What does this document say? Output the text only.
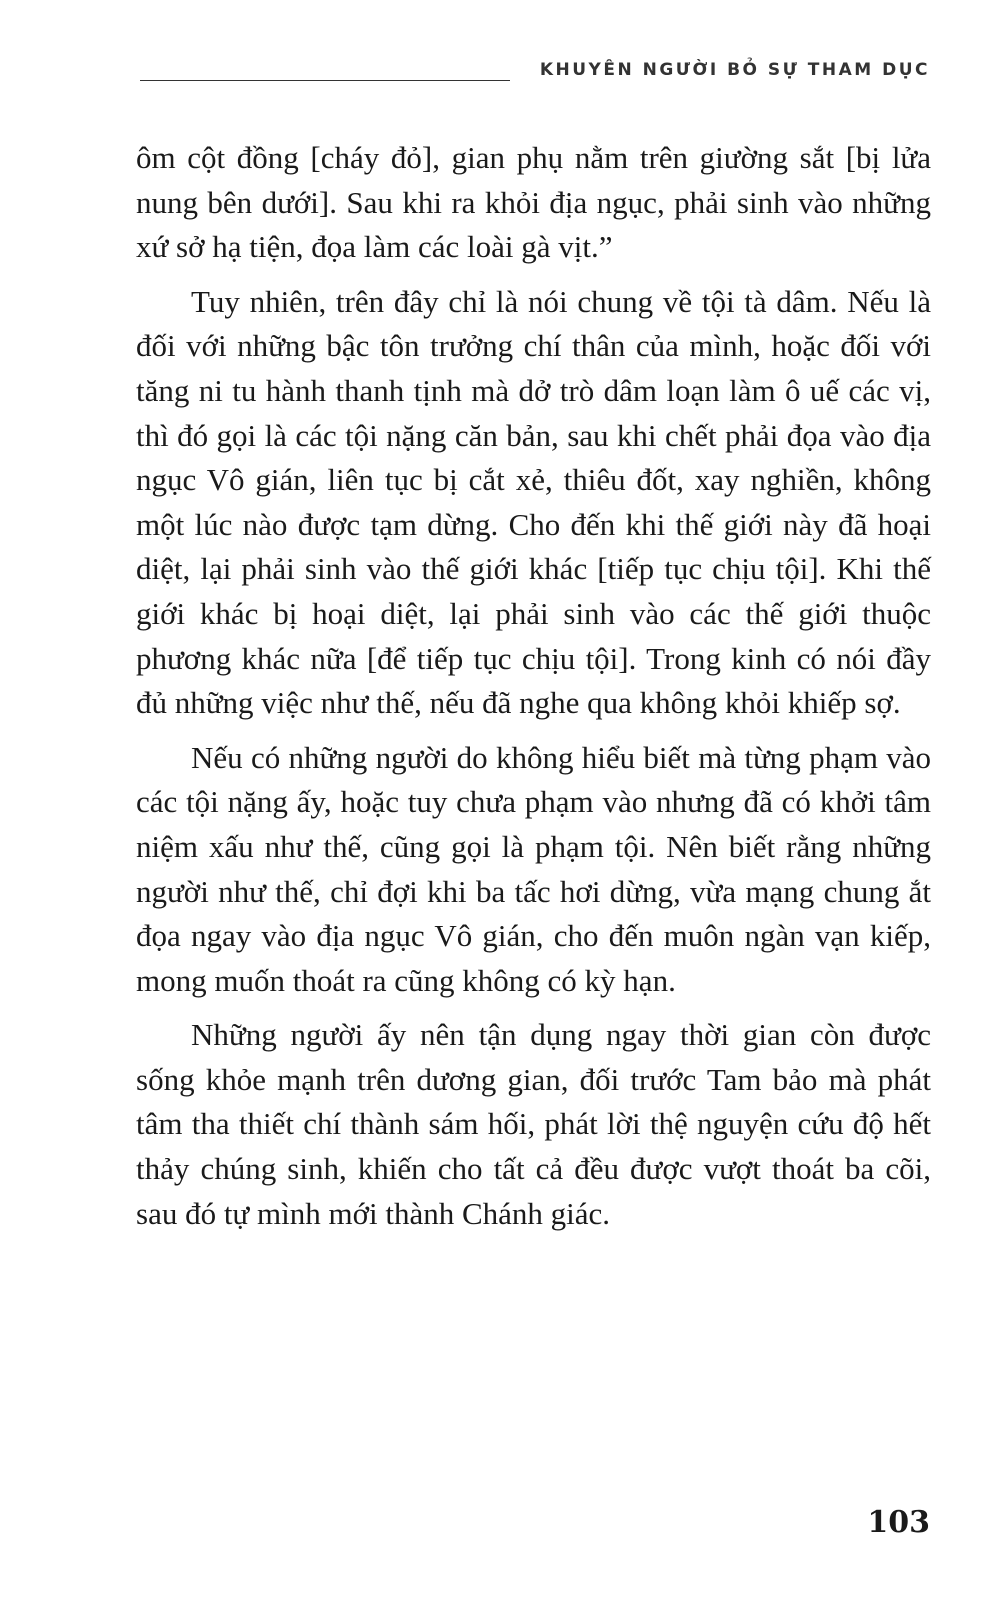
KHUYÊN NGƯỜI BỎ SỰ THAM DỤC

ôm cột đồng [cháy đỏ], gian phụ nằm trên giường sắt [bị lửa nung bên dưới]. Sau khi ra khỏi địa ngục, phải sinh vào những xứ sở hạ tiện, đọa làm các loài gà vịt.”

Tuy nhiên, trên đây chỉ là nói chung về tội tà dâm. Nếu là đối với những bậc tôn trưởng chí thân của mình, hoặc đối với tăng ni tu hành thanh tịnh mà dở trò dâm loạn làm ô uế các vị, thì đó gọi là các tội nặng căn bản, sau khi chết phải đọa vào địa ngục Vô gián, liên tục bị cắt xẻ, thiêu đốt, xay nghiền, không một lúc nào được tạm dừng. Cho đến khi thế giới này đã hoại diệt, lại phải sinh vào thế giới khác [tiếp tục chịu tội]. Khi thế giới khác bị hoại diệt, lại phải sinh vào các thế giới thuộc phương khác nữa [để tiếp tục chịu tội]. Trong kinh có nói đầy đủ những việc như thế, nếu đã nghe qua không khỏi khiếp sợ.

Nếu có những người do không hiểu biết mà từng phạm vào các tội nặng ấy, hoặc tuy chưa phạm vào nhưng đã có khởi tâm niệm xấu như thế, cũng gọi là phạm tội. Nên biết rằng những người như thế, chỉ đợi khi ba tấc hơi dừng, vừa mạng chung ắt đọa ngay vào địa ngục Vô gián, cho đến muôn ngàn vạn kiếp, mong muốn thoát ra cũng không có kỳ hạn.

Những người ấy nên tận dụng ngay thời gian còn được sống khỏe mạnh trên dương gian, đối trước Tam bảo mà phát tâm tha thiết chí thành sám hối, phát lời thệ nguyện cứu độ hết thảy chúng sinh, khiến cho tất cả đều được vượt thoát ba cõi, sau đó tự mình mới thành Chánh giác.

103
